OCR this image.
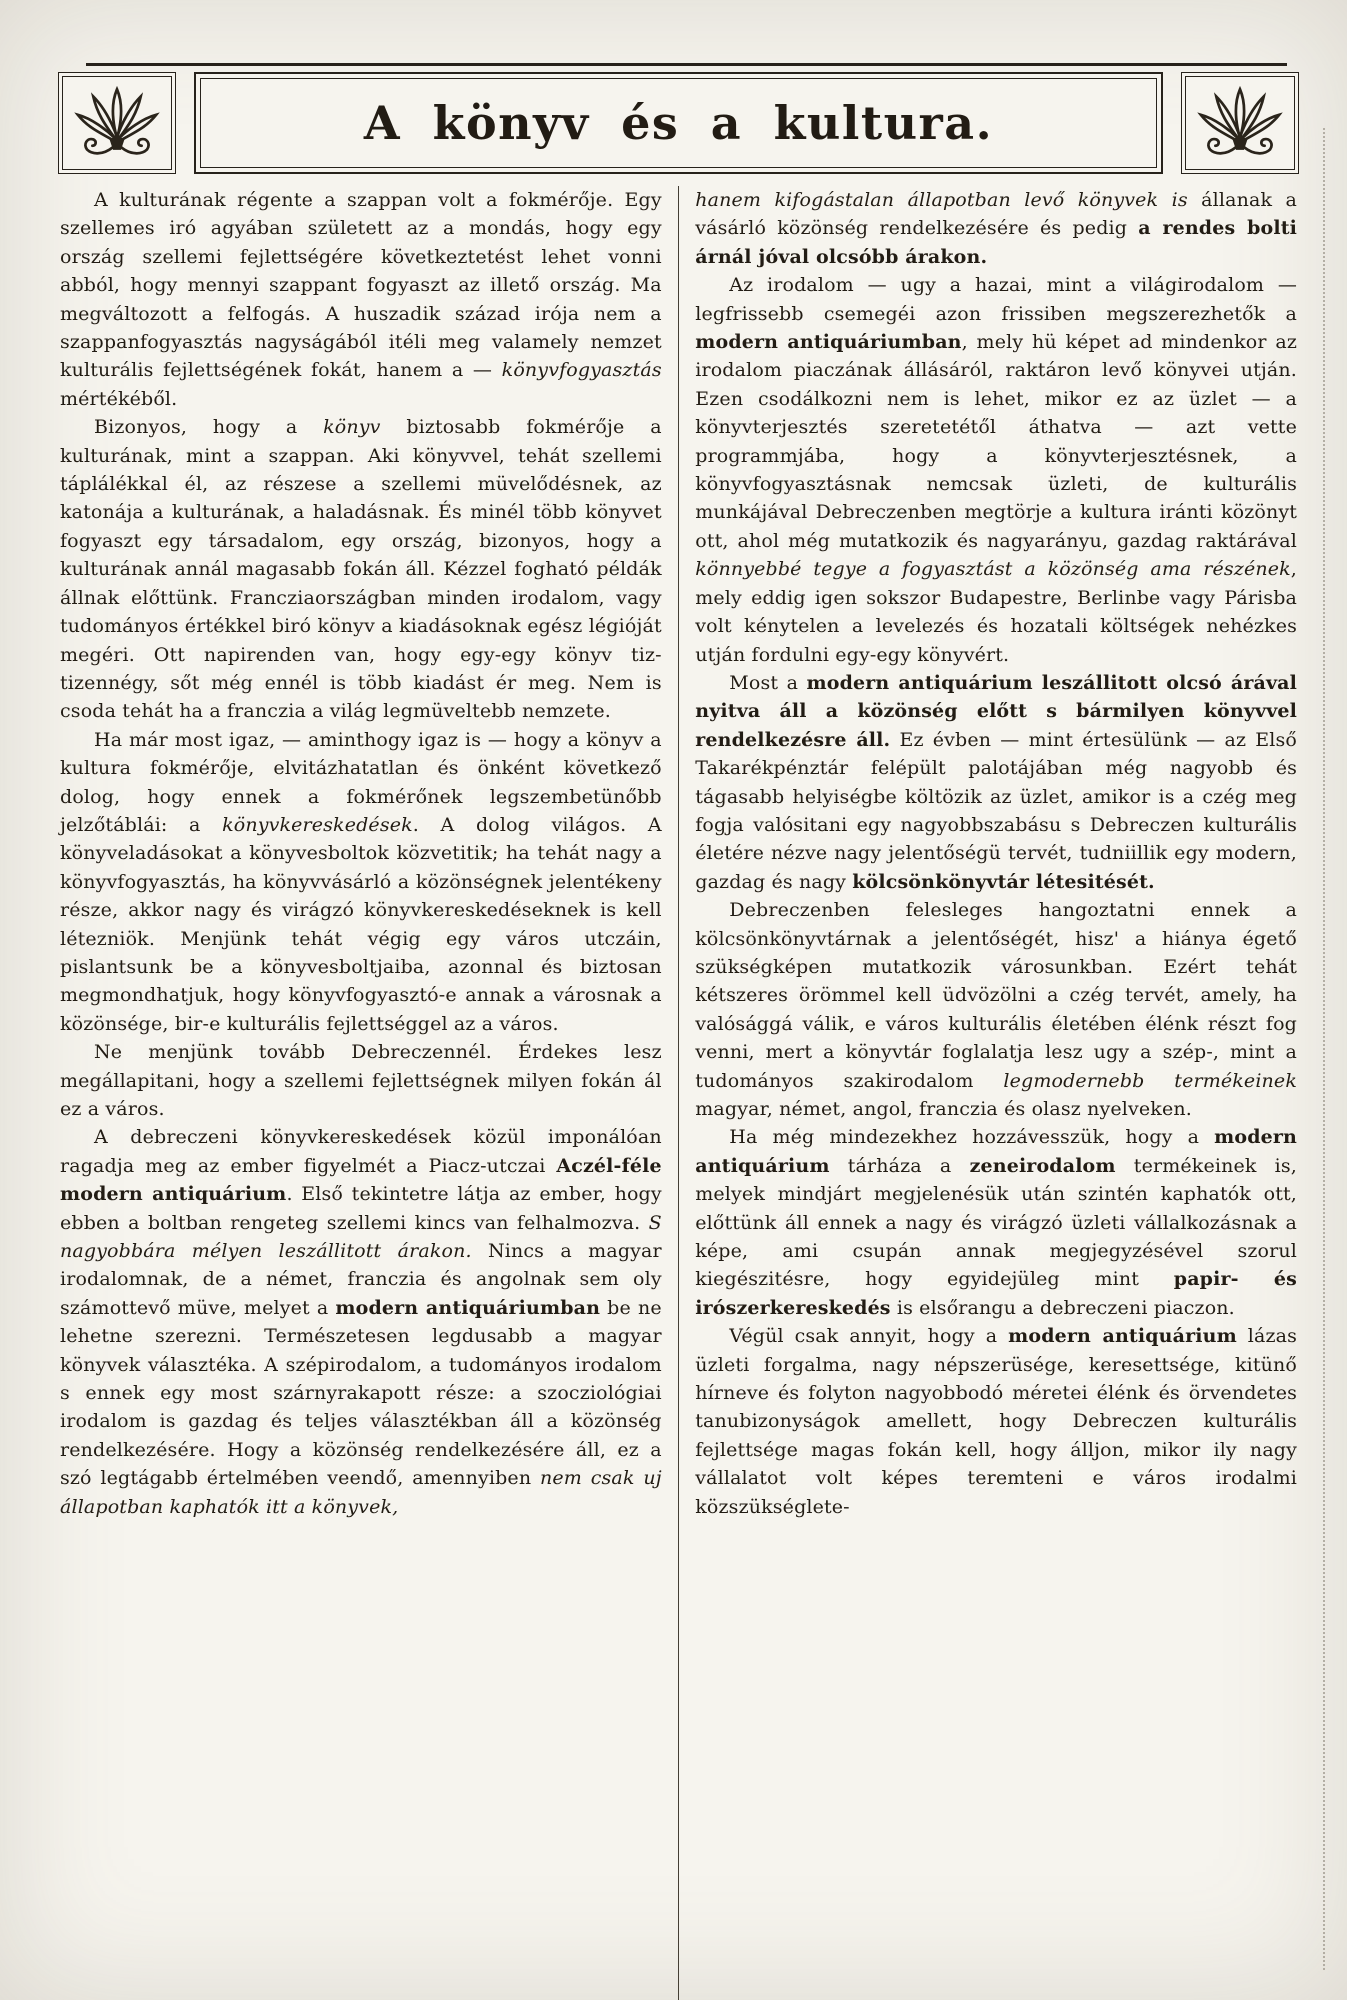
A könyv és a kultura.

A kulturának régente a szappan volt a fokmérője. Egy szellemes iró agyában született az a mondás, hogy egy ország szellemi fejlettségére következtetést lehet vonni abból, hogy mennyi szappant fogyaszt az illető ország. Ma megváltozott a felfogás. A huszadik század irója nem a szappanfogyasztás nagyságából itéli meg valamely nemzet kulturális fejlettségének fokát, hanem a — könyvfogyasztás mértékéből.

Bizonyos, hogy a könyv biztosabb fokmérője a kulturának, mint a szappan. Aki könyvvel, tehát szellemi táplálékkal él, az részese a szellemi müvelődésnek, az katonája a kulturának, a haladásnak. És minél több könyvet fogyaszt egy társadalom, egy ország, bizonyos, hogy a kulturának annál magasabb fokán áll. Kézzel fogható példák állnak előttünk. Francziaországban minden irodalom, vagy tudományos értékkel biró könyv a kiadásoknak egész légióját megéri. Ott napirenden van, hogy egy-egy könyv tiz-tizennégy, sőt még ennél is több kiadást ér meg. Nem is csoda tehát ha a franczia a világ legmüveltebb nemzete.

Ha már most igaz, — aminthogy igaz is — hogy a könyv a kultura fokmérője, elvitázhatatlan és önként következő dolog, hogy ennek a fokmérőnek legszembetünőbb jelzőtáblái: a könyvkereskedések. A dolog világos. A könyveladásokat a könyvesboltok közvetitik; ha tehát nagy a könyvfogyasztás, ha könyvvásárló a közönségnek jelentékeny része, akkor nagy és virágzó könyvkereskedéseknek is kell létezniök. Menjünk tehát végig egy város utczáin, pislantsunk be a könyvesboltjaiba, azonnal és biztosan megmondhatjuk, hogy könyvfogyasztó-e annak a városnak a közönsége, bir-e kulturális fejlettséggel az a város.

Ne menjünk tovább Debreczennél. Érdekes lesz megállapitani, hogy a szellemi fejlettségnek milyen fokán ál ez a város.

A debreczeni könyvkereskedések közül imponálóan ragadja meg az ember figyelmét a Piacz-utczai Aczél-féle modern antiquárium. Első tekintetre látja az ember, hogy ebben a boltban rengeteg szellemi kincs van felhalmozva. S nagyobbára mélyen leszállitott árakon. Nincs a magyar irodalomnak, de a német, franczia és angolnak sem oly számottevő müve, melyet a modern antiquáriumban be ne lehetne szerezni. Természetesen legdusabb a magyar könyvek választéka. A szépirodalom, a tudományos irodalom s ennek egy most szárnyrakapott része: a szocziológiai irodalom is gazdag és teljes választékban áll a közönség rendelkezésére. Hogy a közönség rendelkezésére áll, ez a szó legtágabb értelmében veendő, amennyiben nem csak uj állapotban kaphatók itt a könyvek,

hanem kifogástalan állapotban levő könyvek is állanak a vásárló közönség rendelkezésére és pedig a rendes bolti árnál jóval olcsóbb árakon.

Az irodalom — ugy a hazai, mint a világirodalom — legfrissebb csemegéi azon frissiben megszerezhetők a modern antiquáriumban, mely hü képet ad mindenkor az irodalom piaczának állásáról, raktáron levő könyvei utján. Ezen csodálkozni nem is lehet, mikor ez az üzlet — a könyvterjesztés szeretetétől áthatva — azt vette programmjába, hogy a könyvterjesztésnek, a könyvfogyasztásnak nemcsak üzleti, de kulturális munkájával Debreczenben megtörje a kultura iránti közönyt ott, ahol még mutatkozik és nagyarányu, gazdag raktárával könnyebbé tegye a fogyasztást a közönség ama részének, mely eddig igen sokszor Budapestre, Berlinbe vagy Párisba volt kénytelen a levelezés és hozatali költségek nehézkes utján fordulni egy-egy könyvért.

Most a modern antiquárium leszállitott olcsó árával nyitva áll a közönség előtt s bármilyen könyvvel rendelkezésre áll. Ez évben — mint értesülünk — az Első Takarékpénztár felépült palotájában még nagyobb és tágasabb helyiségbe költözik az üzlet, amikor is a czég meg fogja valósitani egy nagyobbszabásu s Debreczen kulturális életére nézve nagy jelentőségü tervét, tudniillik egy modern, gazdag és nagy kölcsönkönyvtár létesitését.

Debreczenben felesleges hangoztatni ennek a kölcsönkönyvtárnak a jelentőségét, hisz' a hiánya égető szükségképen mutatkozik városunkban. Ezért tehát kétszeres örömmel kell üdvözölni a czég tervét, amely, ha valósággá válik, e város kulturális életében élénk részt fog venni, mert a könyvtár foglalatja lesz ugy a szép-, mint a tudományos szakirodalom legmodernebb termékeinek magyar, német, angol, franczia és olasz nyelveken.

Ha még mindezekhez hozzávesszük, hogy a modern antiquárium tárháza a zeneirodalom termékeinek is, melyek mindjárt megjelenésük után szintén kaphatók ott, előttünk áll ennek a nagy és virágzó üzleti vállalkozásnak a képe, ami csupán annak megjegyzésével szorul kiegészitésre, hogy egyidejüleg mint papir- és irószerkereskedés is elsőrangu a debreczeni piaczon.

Végül csak annyit, hogy a modern antiquárium lázas üzleti forgalma, nagy népszerüsége, keresettsége, kitünő hírneve és folyton nagyobbodó méretei élénk és örvendetes tanubizonyságok amellett, hogy Debreczen kulturális fejlettsége magas fokán kell, hogy álljon, mikor ily nagy vállalatot volt képes teremteni e város irodalmi közszükséglete-
